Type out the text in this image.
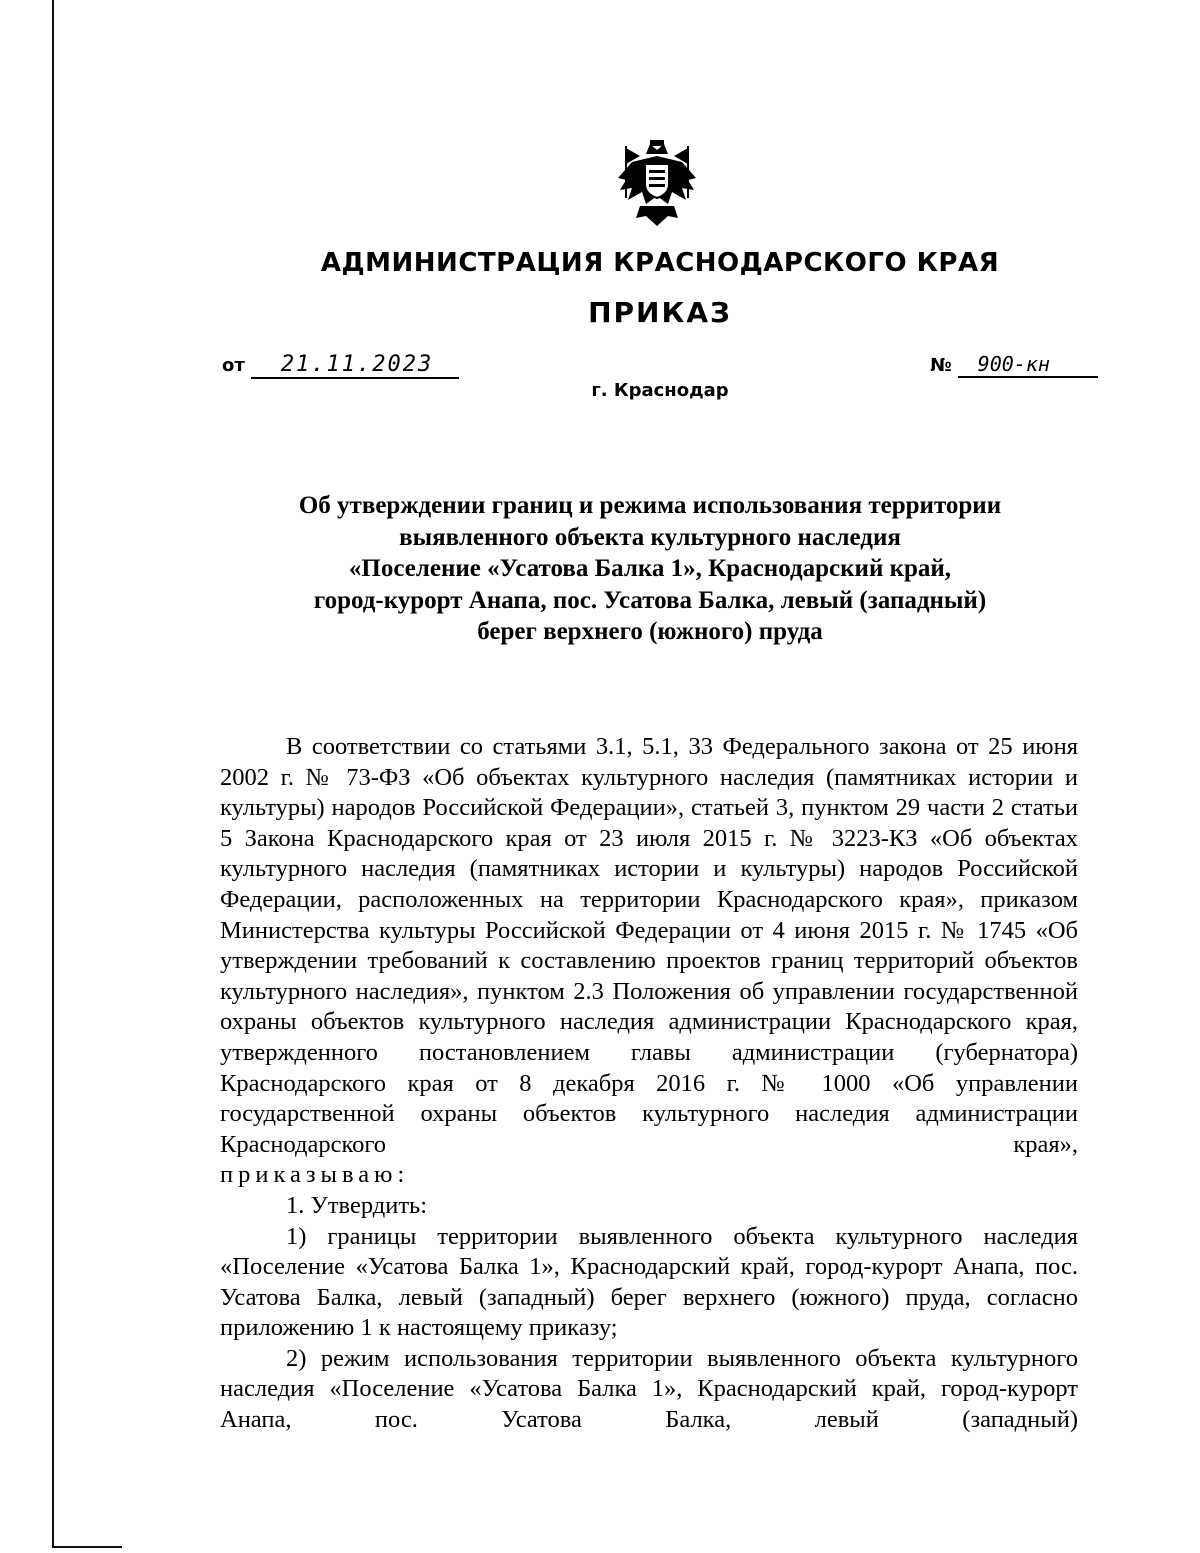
АДМИНИСТРАЦИЯ КРАСНОДАРСКОГО КРАЯ
ПРИКАЗ
от 21.11.2023	№ 900-кн
г. Краснодар
Об утверждении границ и режима использования территории
выявленного объекта культурного наследия
«Поселение «Усатова Балка 1», Краснодарский край,
город-курорт Анапа, пос. Усатова Балка, левый (западный)
берег верхнего (южного) пруда

В соответствии со статьями 3.1, 5.1, 33 Федерального закона от 25 июня 2002 г. № 73-ФЗ «Об объектах культурного наследия (памятниках истории и культуры) народов Российской Федерации», статьей 3, пунктом 29 части 2 статьи 5 Закона Краснодарского края от 23 июля 2015 г. № 3223-КЗ «Об объектах культурного наследия (памятниках истории и культуры) народов Российской Федерации, расположенных на территории Краснодарского края», приказом Министерства культуры Российской Федерации от 4 июня 2015 г. № 1745 «Об утверждении требований к составлению проектов границ территорий объектов культурного наследия», пунктом 2.3 Положения об управлении государственной охраны объектов культурного наследия администрации Краснодарского края, утвержденного постановлением главы администрации (губернатора) Краснодарского края от 8 декабря 2016 г. № 1000 «Об управлении государственной охраны объектов культурного наследия администрации Краснодарского края»,

приказываю:

1. Утвердить:

1) границы территории выявленного объекта культурного наследия «Поселение «Усатова Балка 1», Краснодарский край, город-курорт Анапа, пос. Усатова Балка, левый (западный) берег верхнего (южного) пруда, согласно приложению 1 к настоящему приказу;

2) режим использования территории выявленного объекта культурного наследия «Поселение «Усатова Балка 1», Краснодарский край, город-курорт Анапа, пос. Усатова Балка, левый (западный)
